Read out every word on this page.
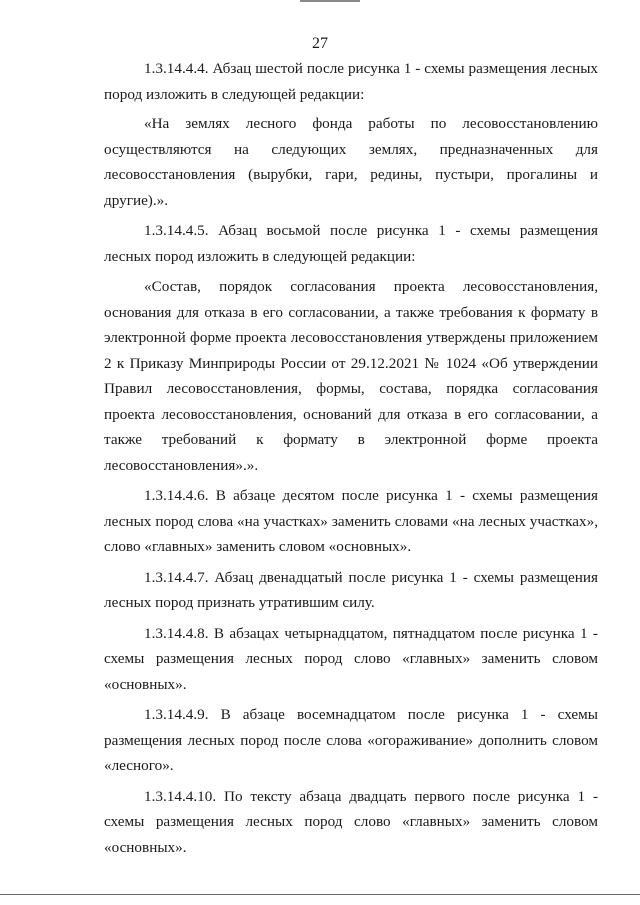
27

1.3.14.4.4. Абзац шестой после рисунка 1 - схемы размещения лесных пород изложить в следующей редакции:

«На землях лесного фонда работы по лесовосстановлению осуществляются на следующих землях, предназначенных для лесовосстановления (вырубки, гари, редины, пустыри, прогалины и другие).».

1.3.14.4.5. Абзац восьмой после рисунка 1 - схемы размещения лесных пород изложить в следующей редакции:

«Состав, порядок согласования проекта лесовосстановления, основания для отказа в его согласовании, а также требования к формату в электронной форме проекта лесовосстановления утверждены приложением 2 к Приказу Минприроды России от 29.12.2021 № 1024 «Об утверждении Правил лесовосстановления, формы, состава, порядка согласования проекта лесовосстановления, оснований для отказа в его согласовании, а также требований к формату в электронной форме проекта лесовосстановления».».

1.3.14.4.6. В абзаце десятом после рисунка 1 - схемы размещения лесных пород слова «на участках» заменить словами «на лесных участках», слово «главных» заменить словом «основных».

1.3.14.4.7. Абзац двенадцатый после рисунка 1 - схемы размещения лесных пород признать утратившим силу.

1.3.14.4.8. В абзацах четырнадцатом, пятнадцатом после рисунка 1 - схемы размещения лесных пород слово «главных» заменить словом «основных».

1.3.14.4.9. В абзаце восемнадцатом после рисунка 1 - схемы размещения лесных пород после слова «огораживание» дополнить словом «лесного».

1.3.14.4.10. По тексту абзаца двадцать первого после рисунка 1 - схемы размещения лесных пород слово «главных» заменить словом «основных».
